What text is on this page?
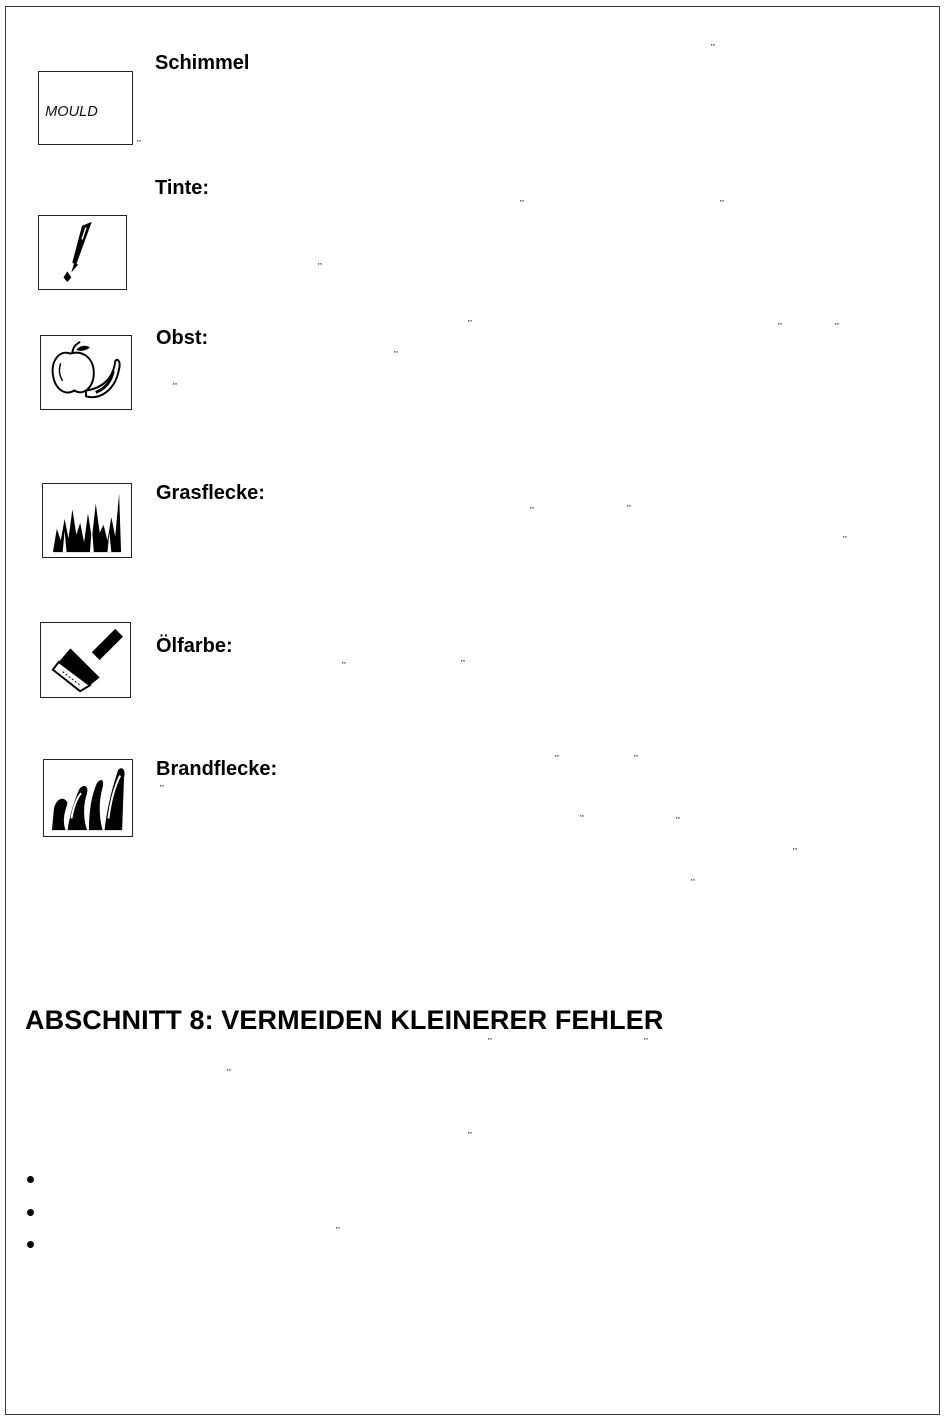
MOULD
Schimmel
Tinte:
Obst:
Grasflecke:
Ölfarbe:
Brandflecke:
¨
¨
¨	¨
¨
¨	¨	¨
¨
¨
¨	¨
¨
¨	¨
¨	¨
¨
¨	¨
¨
¨
ABSCHNITT 8: VERMEIDEN KLEINERER FEHLER
¨	¨
¨
¨
¨
